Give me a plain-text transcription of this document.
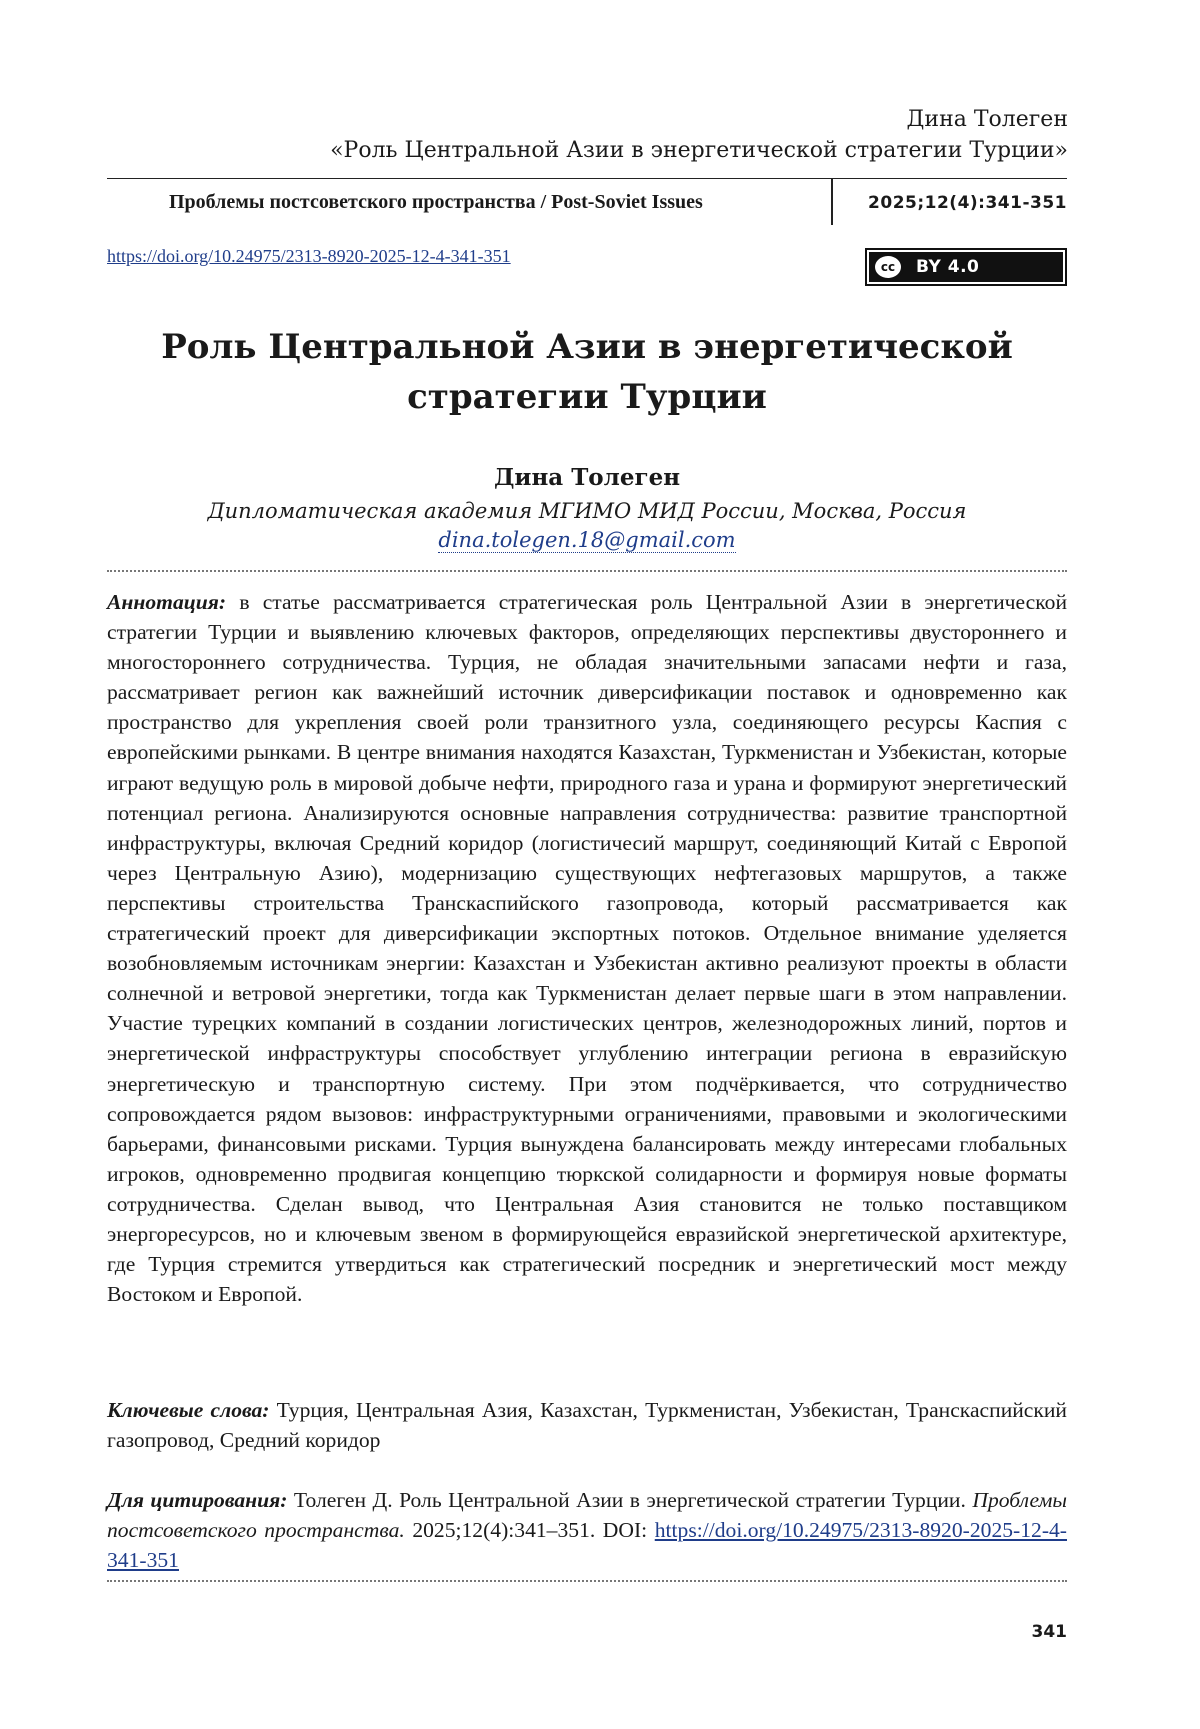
Дина Толеген
«Роль Центральной Азии в энергетической стратегии Турции»
Проблемы постсоветского пространства / Post-Soviet Issues	2025;12(4):341-351
https://doi.org/10.24975/2313-8920-2025-12-4-341-351
cc	BY 4.0
Роль Центральной Азии в энергетической
стратегии Турции
Дина Толеген
Дипломатическая академия МГИМО МИД России, Москва, Россия
dina.tolegen.18@gmail.com

Аннотация: в статье рассматривается стратегическая роль Центральной Азии в энергетической стратегии Турции и выявлению ключевых факторов, определяющих перспективы двустороннего и многостороннего сотрудничества. Турция, не обладая значительными запасами нефти и газа, рассматривает регион как важнейший источник диверсификации поставок и одновременно как пространство для укрепления своей роли транзитного узла, соединяющего ресурсы Каспия с европейскими рынками. В центре внимания находятся Казахстан, Туркменистан и Узбекистан, которые играют ведущую роль в мировой добыче нефти, природного газа и урана и формируют энергетический потенциал региона. Анализируются основные направления сотрудничества: развитие транспортной инфраструктуры, включая Средний коридор (логистичесий маршрут, соединяющий Китай с Европой через Центральную Азию), модернизацию существующих нефтегазовых маршрутов, а также перспективы строительства Транскаспийского газопровода, который рассматривается как стратегический проект для диверсификации экспортных потоков. Отдельное внимание уделяется возобновляемым источникам энергии: Казахстан и Узбекистан активно реализуют проекты в области солнечной и ветровой энергетики, тогда как Туркменистан делает первые шаги в этом направлении. Участие турецких компаний в создании логистических центров, железнодорожных линий, портов и энергетической инфраструктуры способствует углублению интеграции региона в евразийскую энергетическую и транспортную систему. При этом подчёркивается, что сотрудничество сопровождается рядом вызовов: инфраструктурными ограничениями, правовыми и экологическими барьерами, финансовыми рисками. Турция вынуждена балансировать между интересами глобальных игроков, одновременно продвигая концепцию тюркской солидарности и формируя новые форматы сотрудничества. Сделан вывод, что Центральная Азия становится не только поставщиком энергоресурсов, но и ключевым звеном в формирующейся евразийской энергетической архитектуре, где Турция стремится утвердиться как стратегический посредник и энергетический мост между Востоком и Европой.

Ключевые слова: Турция, Центральная Азия, Казахстан, Туркменистан, Узбекистан, Транскаспийский газопровод, Средний коридор

Для цитирования: Толеген Д. Роль Центральной Азии в энергетической стратегии Турции. Проблемы постсоветского пространства. 2025;12(4):341–351. DOI: https://doi.org/10.24975/2313-8920-2025-12-4-341-351

341
